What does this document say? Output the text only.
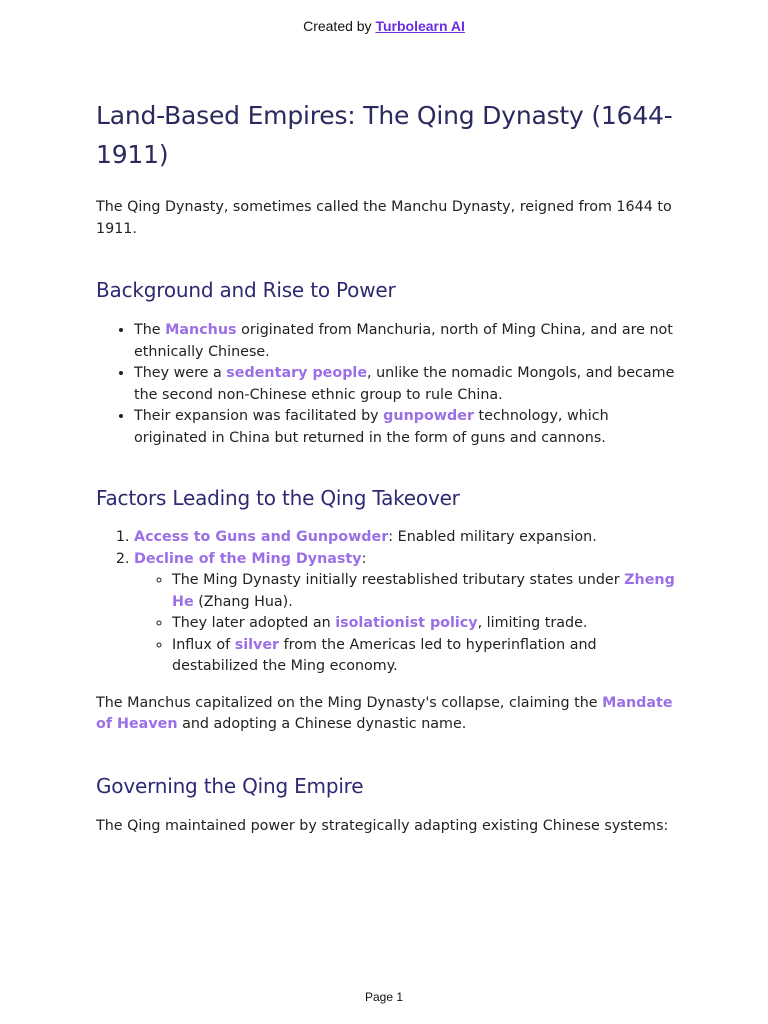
Created by Turbolearn AI
Land-Based Empires: The Qing Dynasty (1644-1911)

The Qing Dynasty, sometimes called the Manchu Dynasty, reigned from 1644 to 1911.

Background and Rise to Power
• The Manchus originated from Manchuria, north of Ming China, and are not ethnically Chinese.
• They were a sedentary people, unlike the nomadic Mongols, and became the second non-Chinese ethnic group to rule China.
• Their expansion was facilitated by gunpowder technology, which originated in China but returned in the form of guns and cannons.
Factors Leading to the Qing Takeover
1. Access to Guns and Gunpowder: Enabled military expansion.
2. Decline of the Ming Dynasty:
◦ The Ming Dynasty initially reestablished tributary states under Zheng He (Zhang Hua).
◦ They later adopted an isolationist policy, limiting trade.
◦ Influx of silver from the Americas led to hyperinflation and destabilized the Ming economy.

The Manchus capitalized on the Ming Dynasty's collapse, claiming the Mandate of Heaven and adopting a Chinese dynastic name.

Governing the Qing Empire

The Qing maintained power by strategically adapting existing Chinese systems:

Page 1
